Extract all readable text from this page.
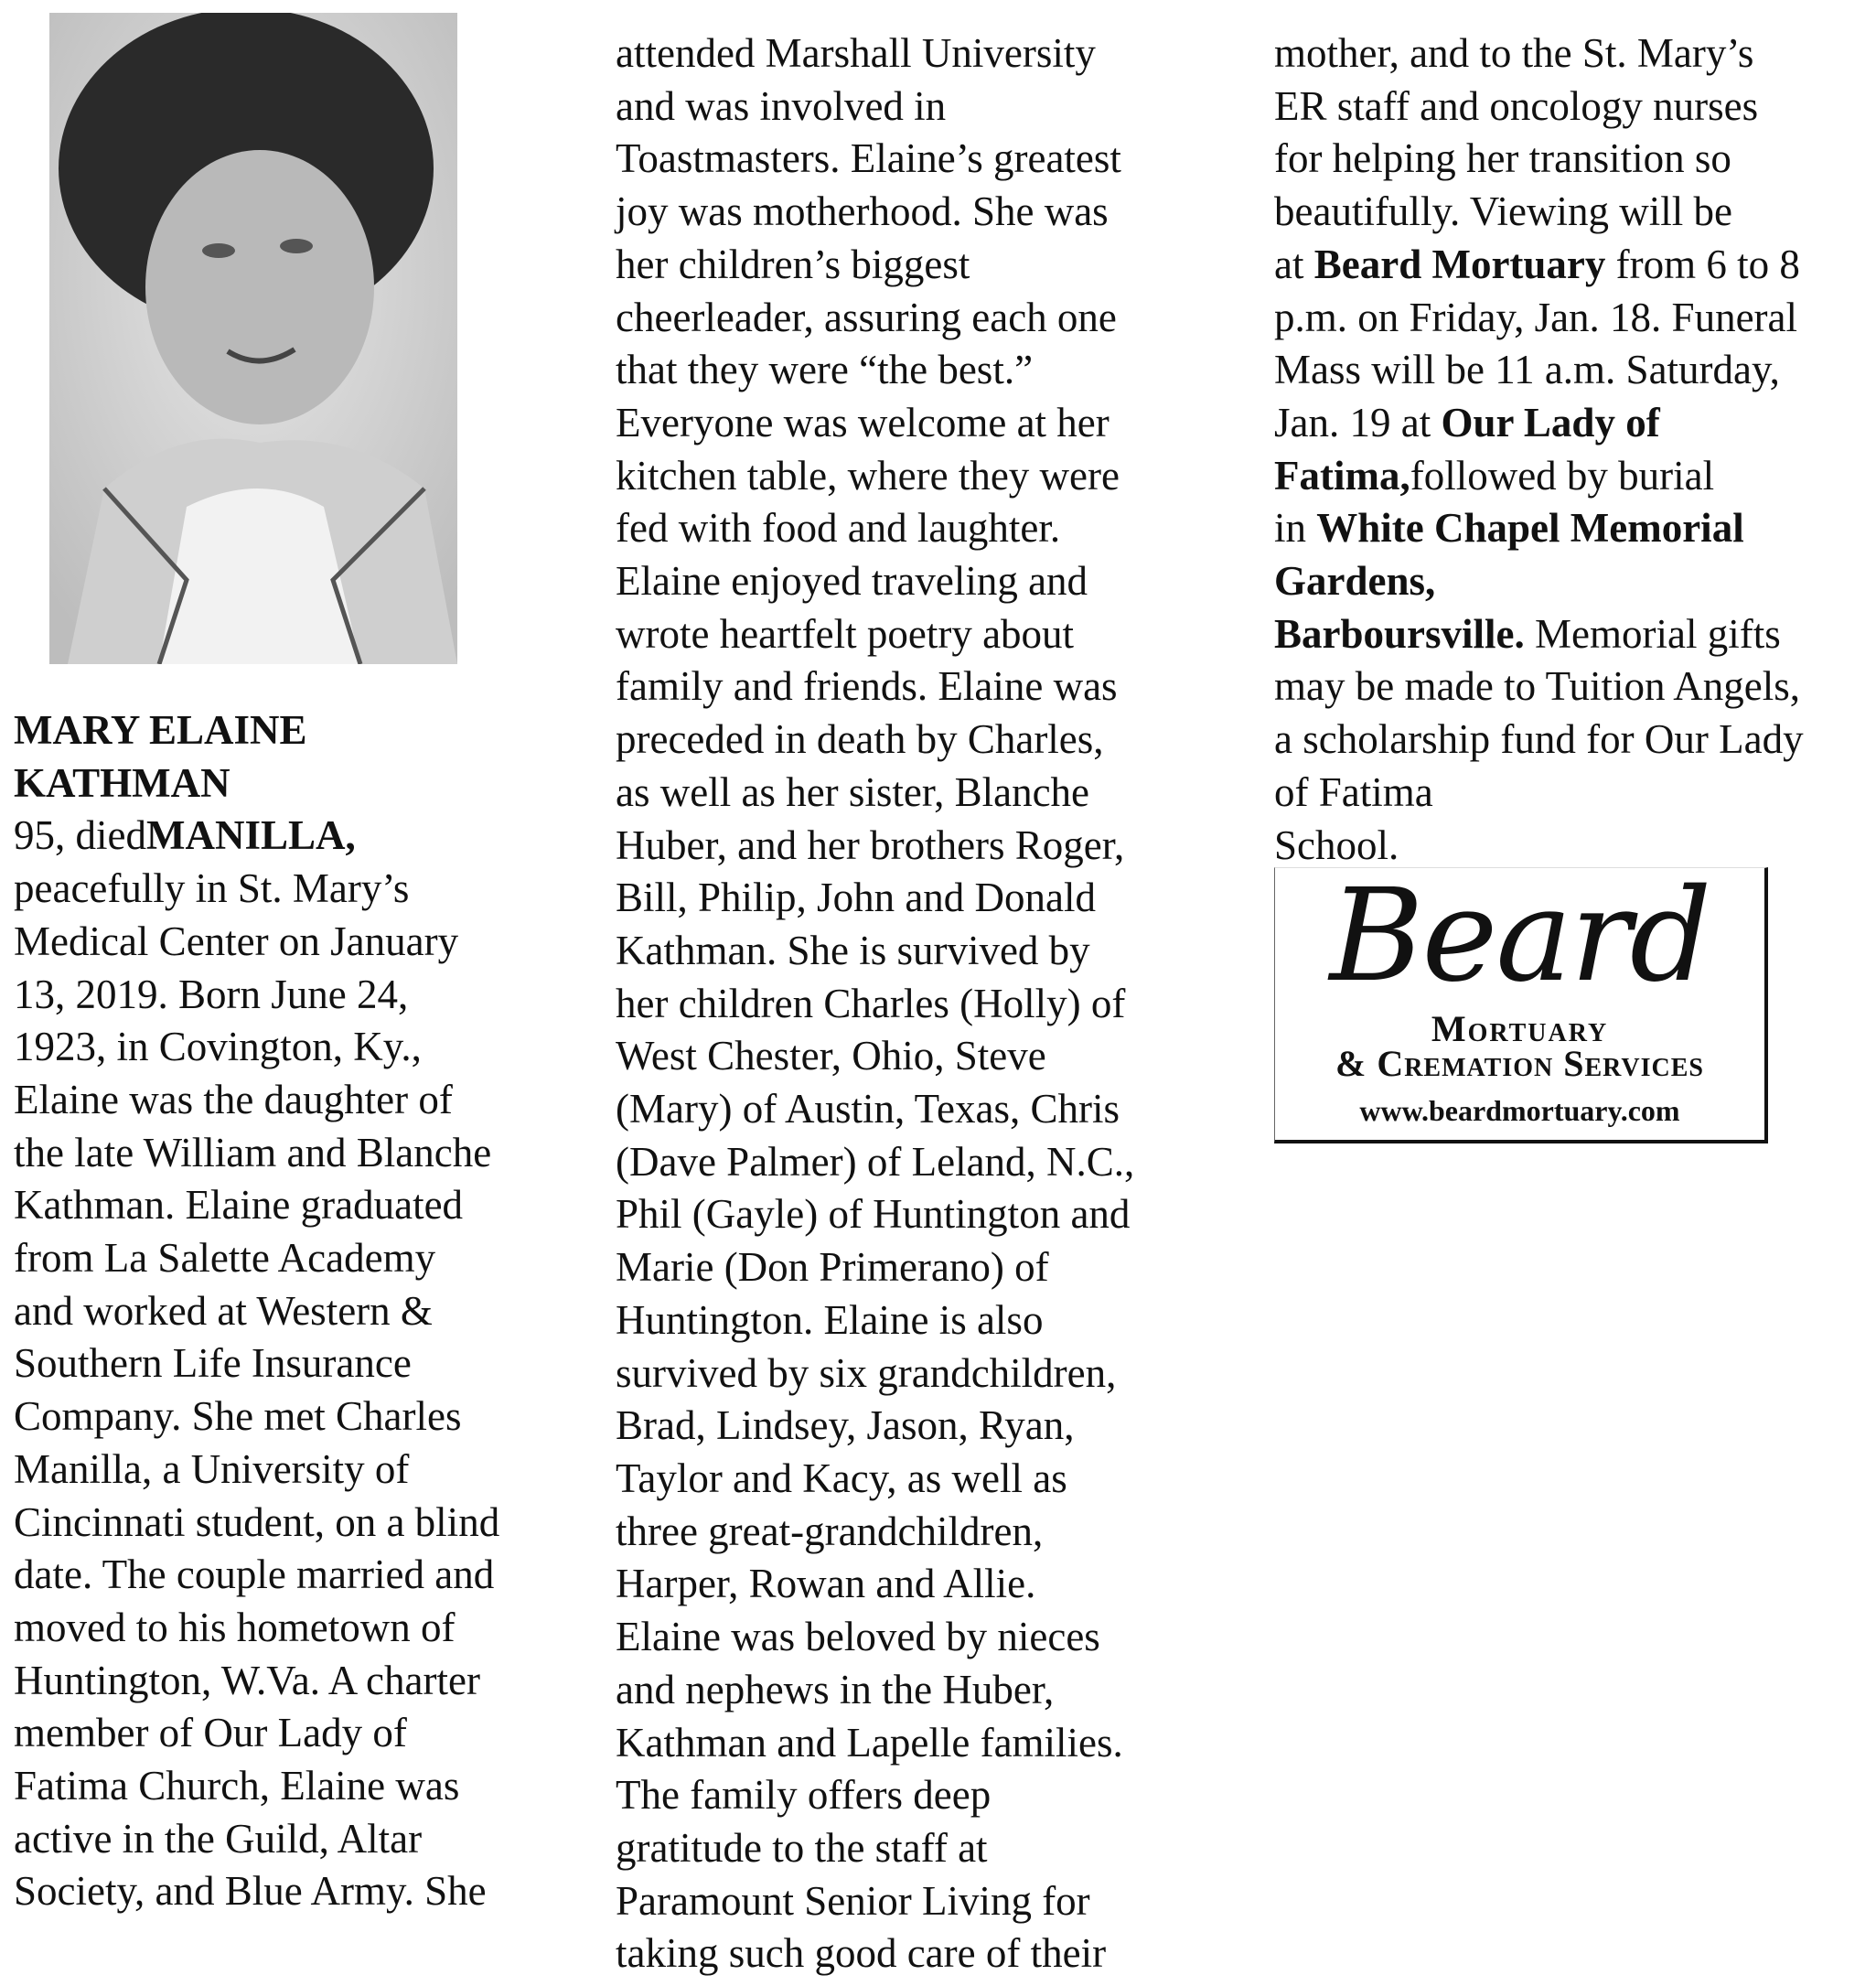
MARY ELAINE
KATHMAN
95, diedMANILLA,
peacefully in St. Mary’s
Medical Center on January
13, 2019. Born June 24,
1923, in Covington, Ky.,
Elaine was the daughter of
the late William and Blanche
Kathman. Elaine graduated
from La Salette Academy
and worked at Western &
Southern Life Insurance
Company. She met Charles
Manilla, a University of
Cincinnati student, on a blind
date. The couple married and
moved to his hometown of
Huntington, W.Va. A charter
member of Our Lady of
Fatima Church, Elaine was
active in the Guild, Altar
Society, and Blue Army. She
attended Marshall University
and was involved in
Toastmasters. Elaine’s greatest
joy was motherhood. She was
her children’s biggest
cheerleader, assuring each one
that they were “the best.”
Everyone was welcome at her
kitchen table, where they were
fed with food and laughter.
Elaine enjoyed traveling and
wrote heartfelt poetry about
family and friends. Elaine was
preceded in death by Charles,
as well as her sister, Blanche
Huber, and her brothers Roger,
Bill, Philip, John and Donald
Kathman. She is survived by
her children Charles (Holly) of
West Chester, Ohio, Steve
(Mary) of Austin, Texas, Chris
(Dave Palmer) of Leland, N.C.,
Phil (Gayle) of Huntington and
Marie (Don Primerano) of
Huntington. Elaine is also
survived by six grandchildren,
Brad, Lindsey, Jason, Ryan,
Taylor and Kacy, as well as
three great-grandchildren,
Harper, Rowan and Allie.
Elaine was beloved by nieces
and nephews in the Huber,
Kathman and Lapelle families.
The family offers deep
gratitude to the staff at
Paramount Senior Living for
taking such good care of their
mother, and to the St. Mary’s
ER staff and oncology nurses
for helping her transition so
beautifully. Viewing will be
at Beard Mortuary from 6 to 8
p.m. on Friday, Jan. 18. Funeral
Mass will be 11 a.m. Saturday,
Jan. 19 at Our Lady of
Fatima,followed by burial
in White Chapel Memorial
Gardens,
Barboursville. Memorial gifts
may be made to Tuition Angels,
a scholarship fund for Our Lady
of Fatima
School.
Beard
Mortuary
& Cremation Services
www.beardmortuary.com
